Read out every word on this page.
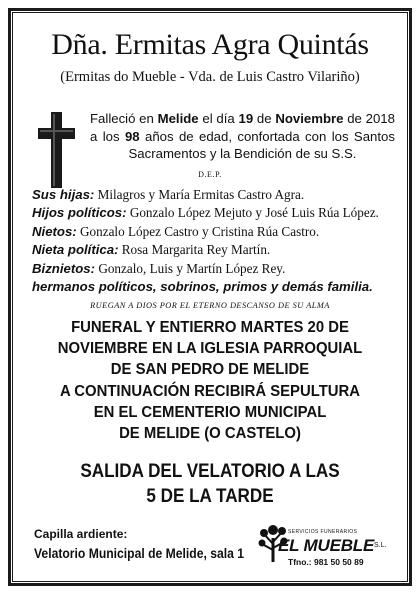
Dña. Ermitas Agra Quintás
(Ermitas do Mueble - Vda. de Luis Castro Vilariño)
Falleció en Melide el día 19 de Noviembre de 2018 a los 98 años de edad, confortada con los Santos Sacramentos y la Bendición de su S.S.
D.E.P.
Sus hijas: Milagros y María Ermitas Castro Agra.
Hijos políticos: Gonzalo López Mejuto y José Luis Rúa López.
Nietos: Gonzalo López Castro y Cristina Rúa Castro.
Nieta política: Rosa Margarita Rey Martín.
Biznietos: Gonzalo, Luis y Martín López Rey.
hermanos políticos, sobrinos, primos y demás familia.
RUEGAN A DIOS POR EL ETERNO DESCANSO DE SU ALMA
FUNERAL Y ENTIERRO MARTES 20 DE
NOVIEMBRE EN LA IGLESIA PARROQUIAL
DE SAN PEDRO DE MELIDE
A CONTINUACIÓN RECIBIRÁ SEPULTURA
EN EL CEMENTERIO MUNICIPAL
DE MELIDE (O CASTELO)
SALIDA DEL VELATORIO A LAS
5 DE LA TARDE
Capilla ardiente:
Velatorio Municipal de Melide, sala 1
SERVICIOS FUNERARIOS
EL MUEBLE S.L.
Tfno.: 981 50 50 89
